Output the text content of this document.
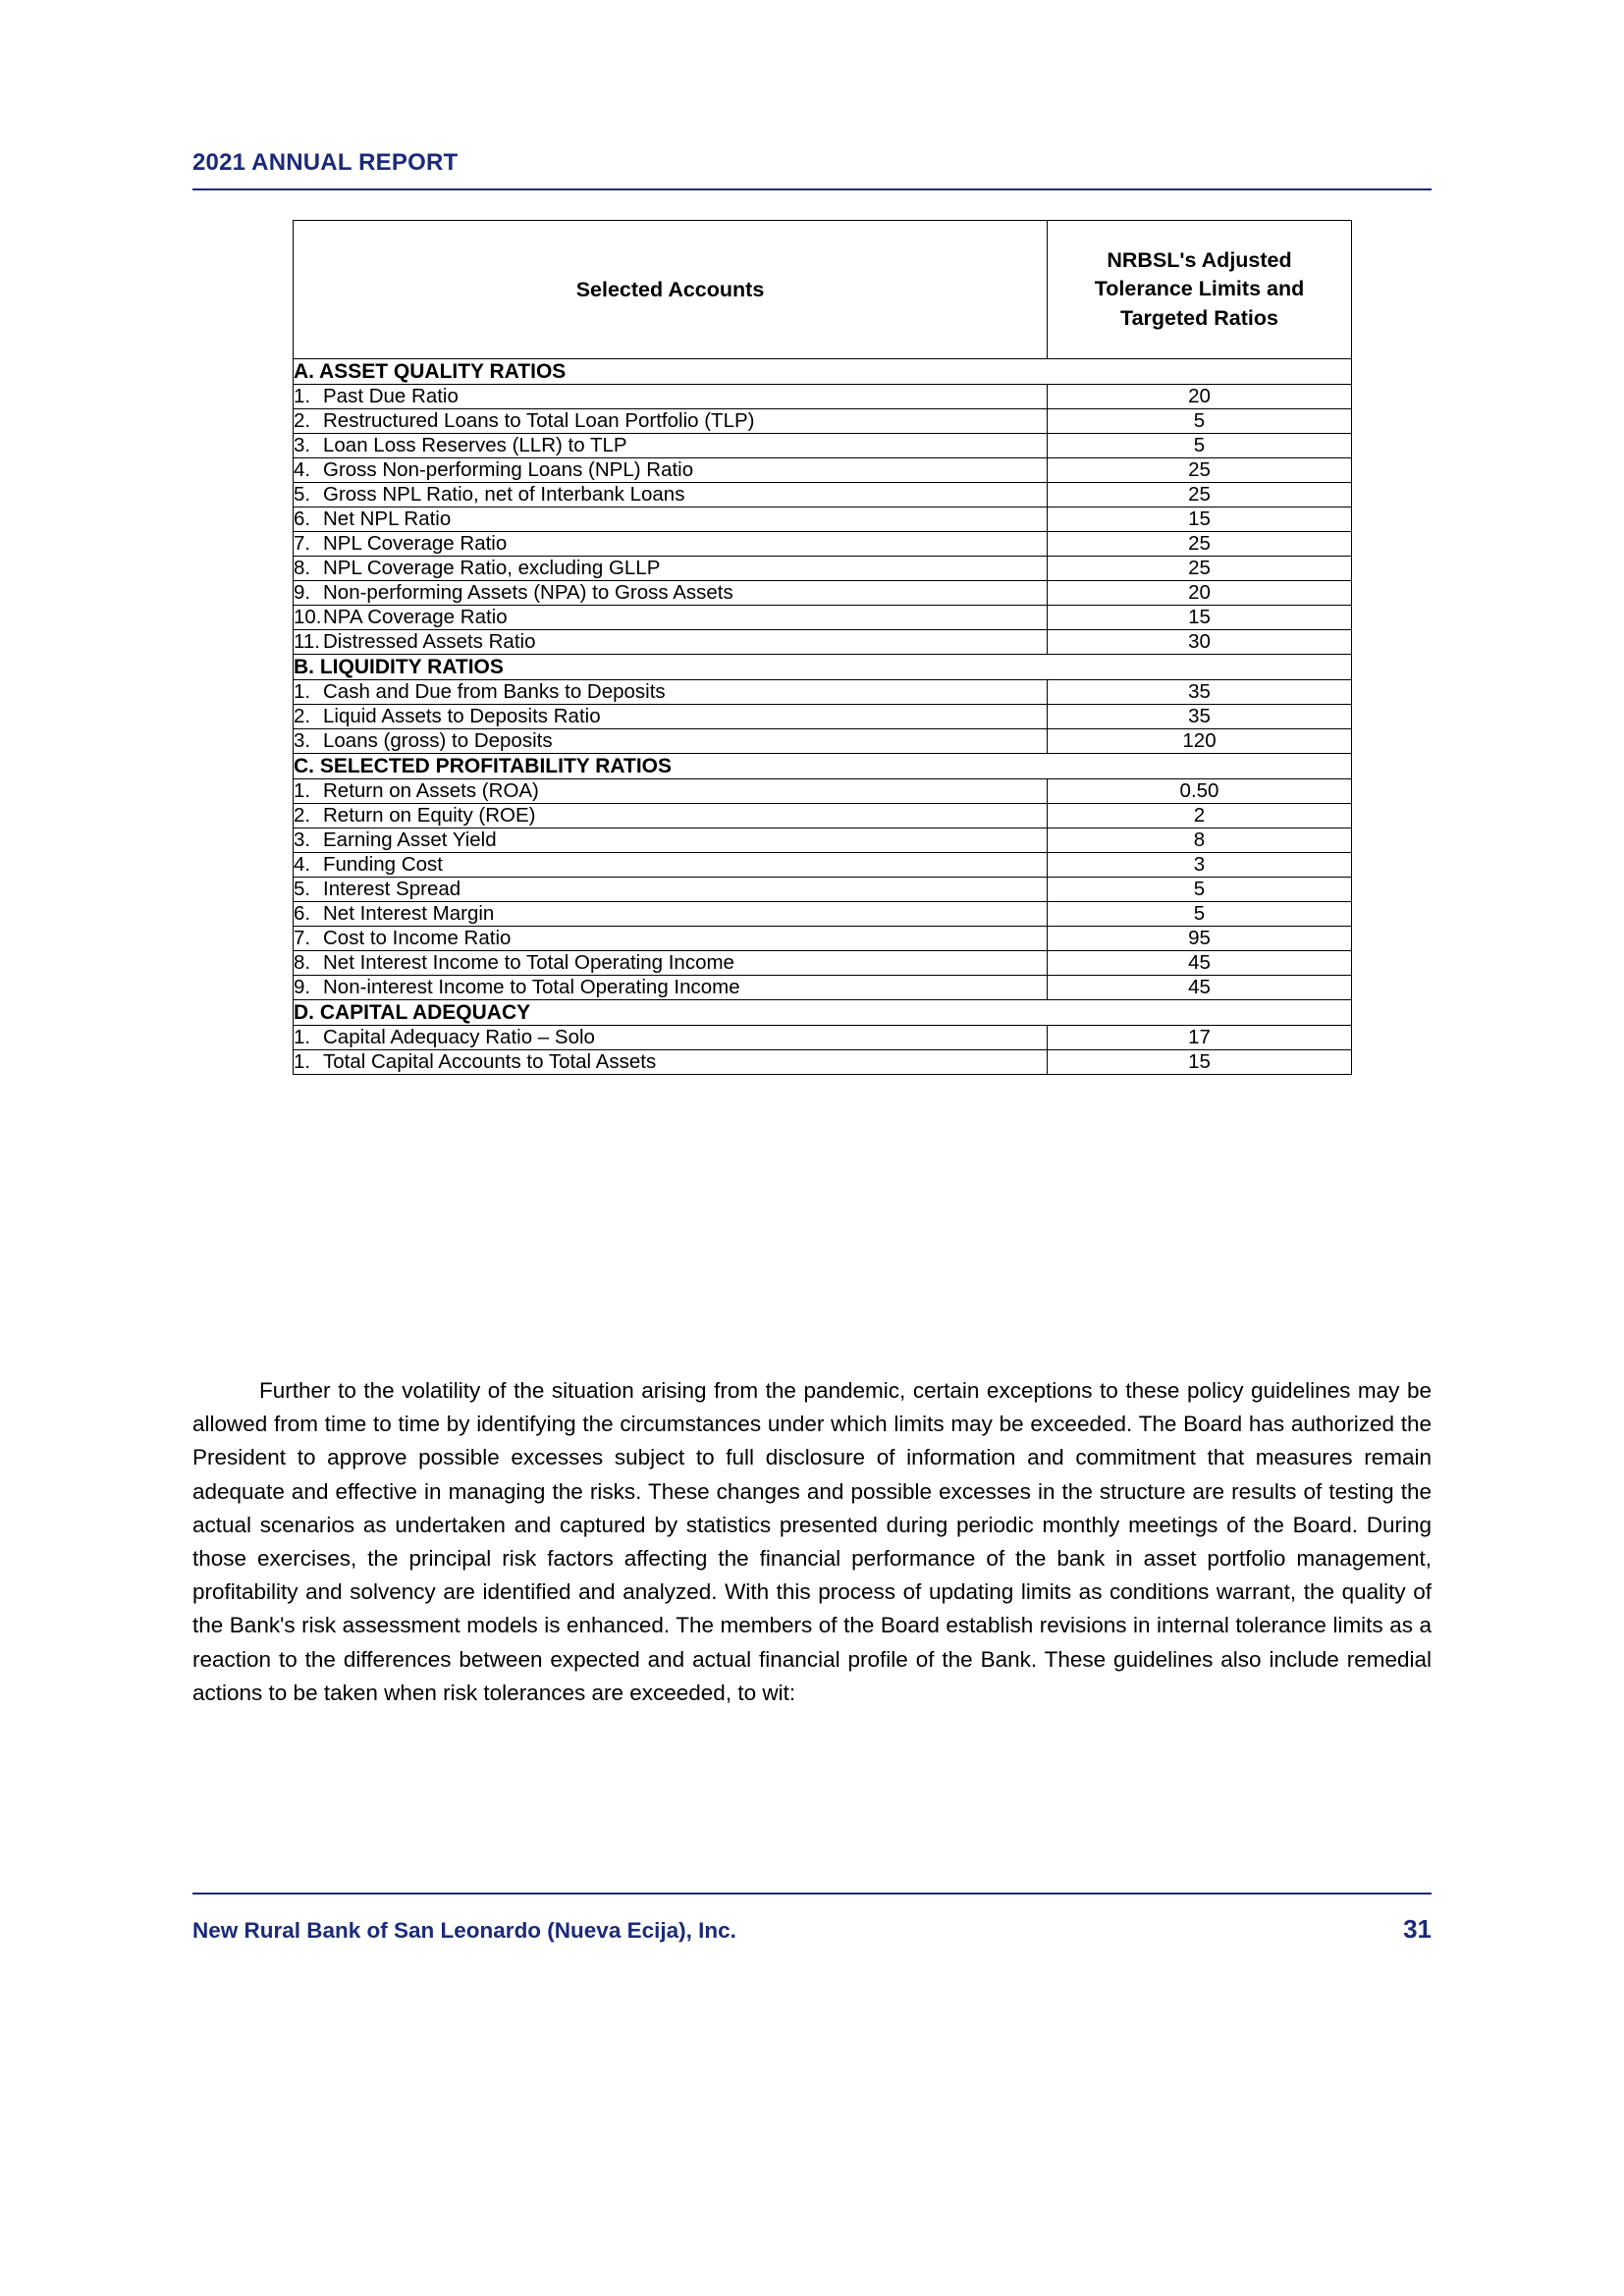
2021 ANNUAL REPORT
Selected Accounts	NRBSL's Adjusted Tolerance Limits and Targeted Ratios
A. ASSET QUALITY RATIOS	
1. Past Due Ratio	20
2. Restructured Loans to Total Loan Portfolio (TLP)	5
3. Loan Loss Reserves (LLR) to TLP	5
4. Gross Non-performing Loans (NPL) Ratio	25
5. Gross NPL Ratio, net of Interbank Loans	25
6. Net NPL Ratio	15
7. NPL Coverage Ratio	25
8. NPL Coverage Ratio, excluding GLLP	25
9. Non-performing Assets (NPA) to Gross Assets	20
10.NPA Coverage Ratio	15
11. Distressed Assets Ratio	30
B. LIQUIDITY RATIOS	
1. Cash and Due from Banks to Deposits	35
2. Liquid Assets to Deposits Ratio	35
3. Loans (gross) to Deposits	120
C. SELECTED PROFITABILITY RATIOS	
1. Return on Assets (ROA)	0.50
2. Return on Equity (ROE)	2
3. Earning Asset Yield	8
4. Funding Cost	3
5. Interest Spread	5
6. Net Interest Margin	5
7. Cost to Income Ratio	95
8. Net Interest Income to Total Operating Income	45
9. Non-interest Income to Total Operating Income	45
D. CAPITAL ADEQUACY	
1. Capital Adequacy Ratio – Solo	17
1. Total Capital Accounts to Total Assets	15

Further to the volatility of the situation arising from the pandemic, certain exceptions to these policy guidelines may be allowed from time to time by identifying the circumstances under which limits may be exceeded. The Board has authorized the President to approve possible excesses subject to full disclosure of information and commitment that measures remain adequate and effective in managing the risks. These changes and possible excesses in the structure are results of testing the actual scenarios as undertaken and captured by statistics presented during periodic monthly meetings of the Board. During those exercises, the principal risk factors affecting the financial performance of the bank in asset portfolio management, profitability and solvency are identified and analyzed. With this process of updating limits as conditions warrant, the quality of the Bank's risk assessment models is enhanced. The members of the Board establish revisions in internal tolerance limits as a reaction to the differences between expected and actual financial profile of the Bank. These guidelines also include remedial actions to be taken when risk tolerances are exceeded, to wit:

New Rural Bank of San Leonardo (Nueva Ecija), Inc.	31
